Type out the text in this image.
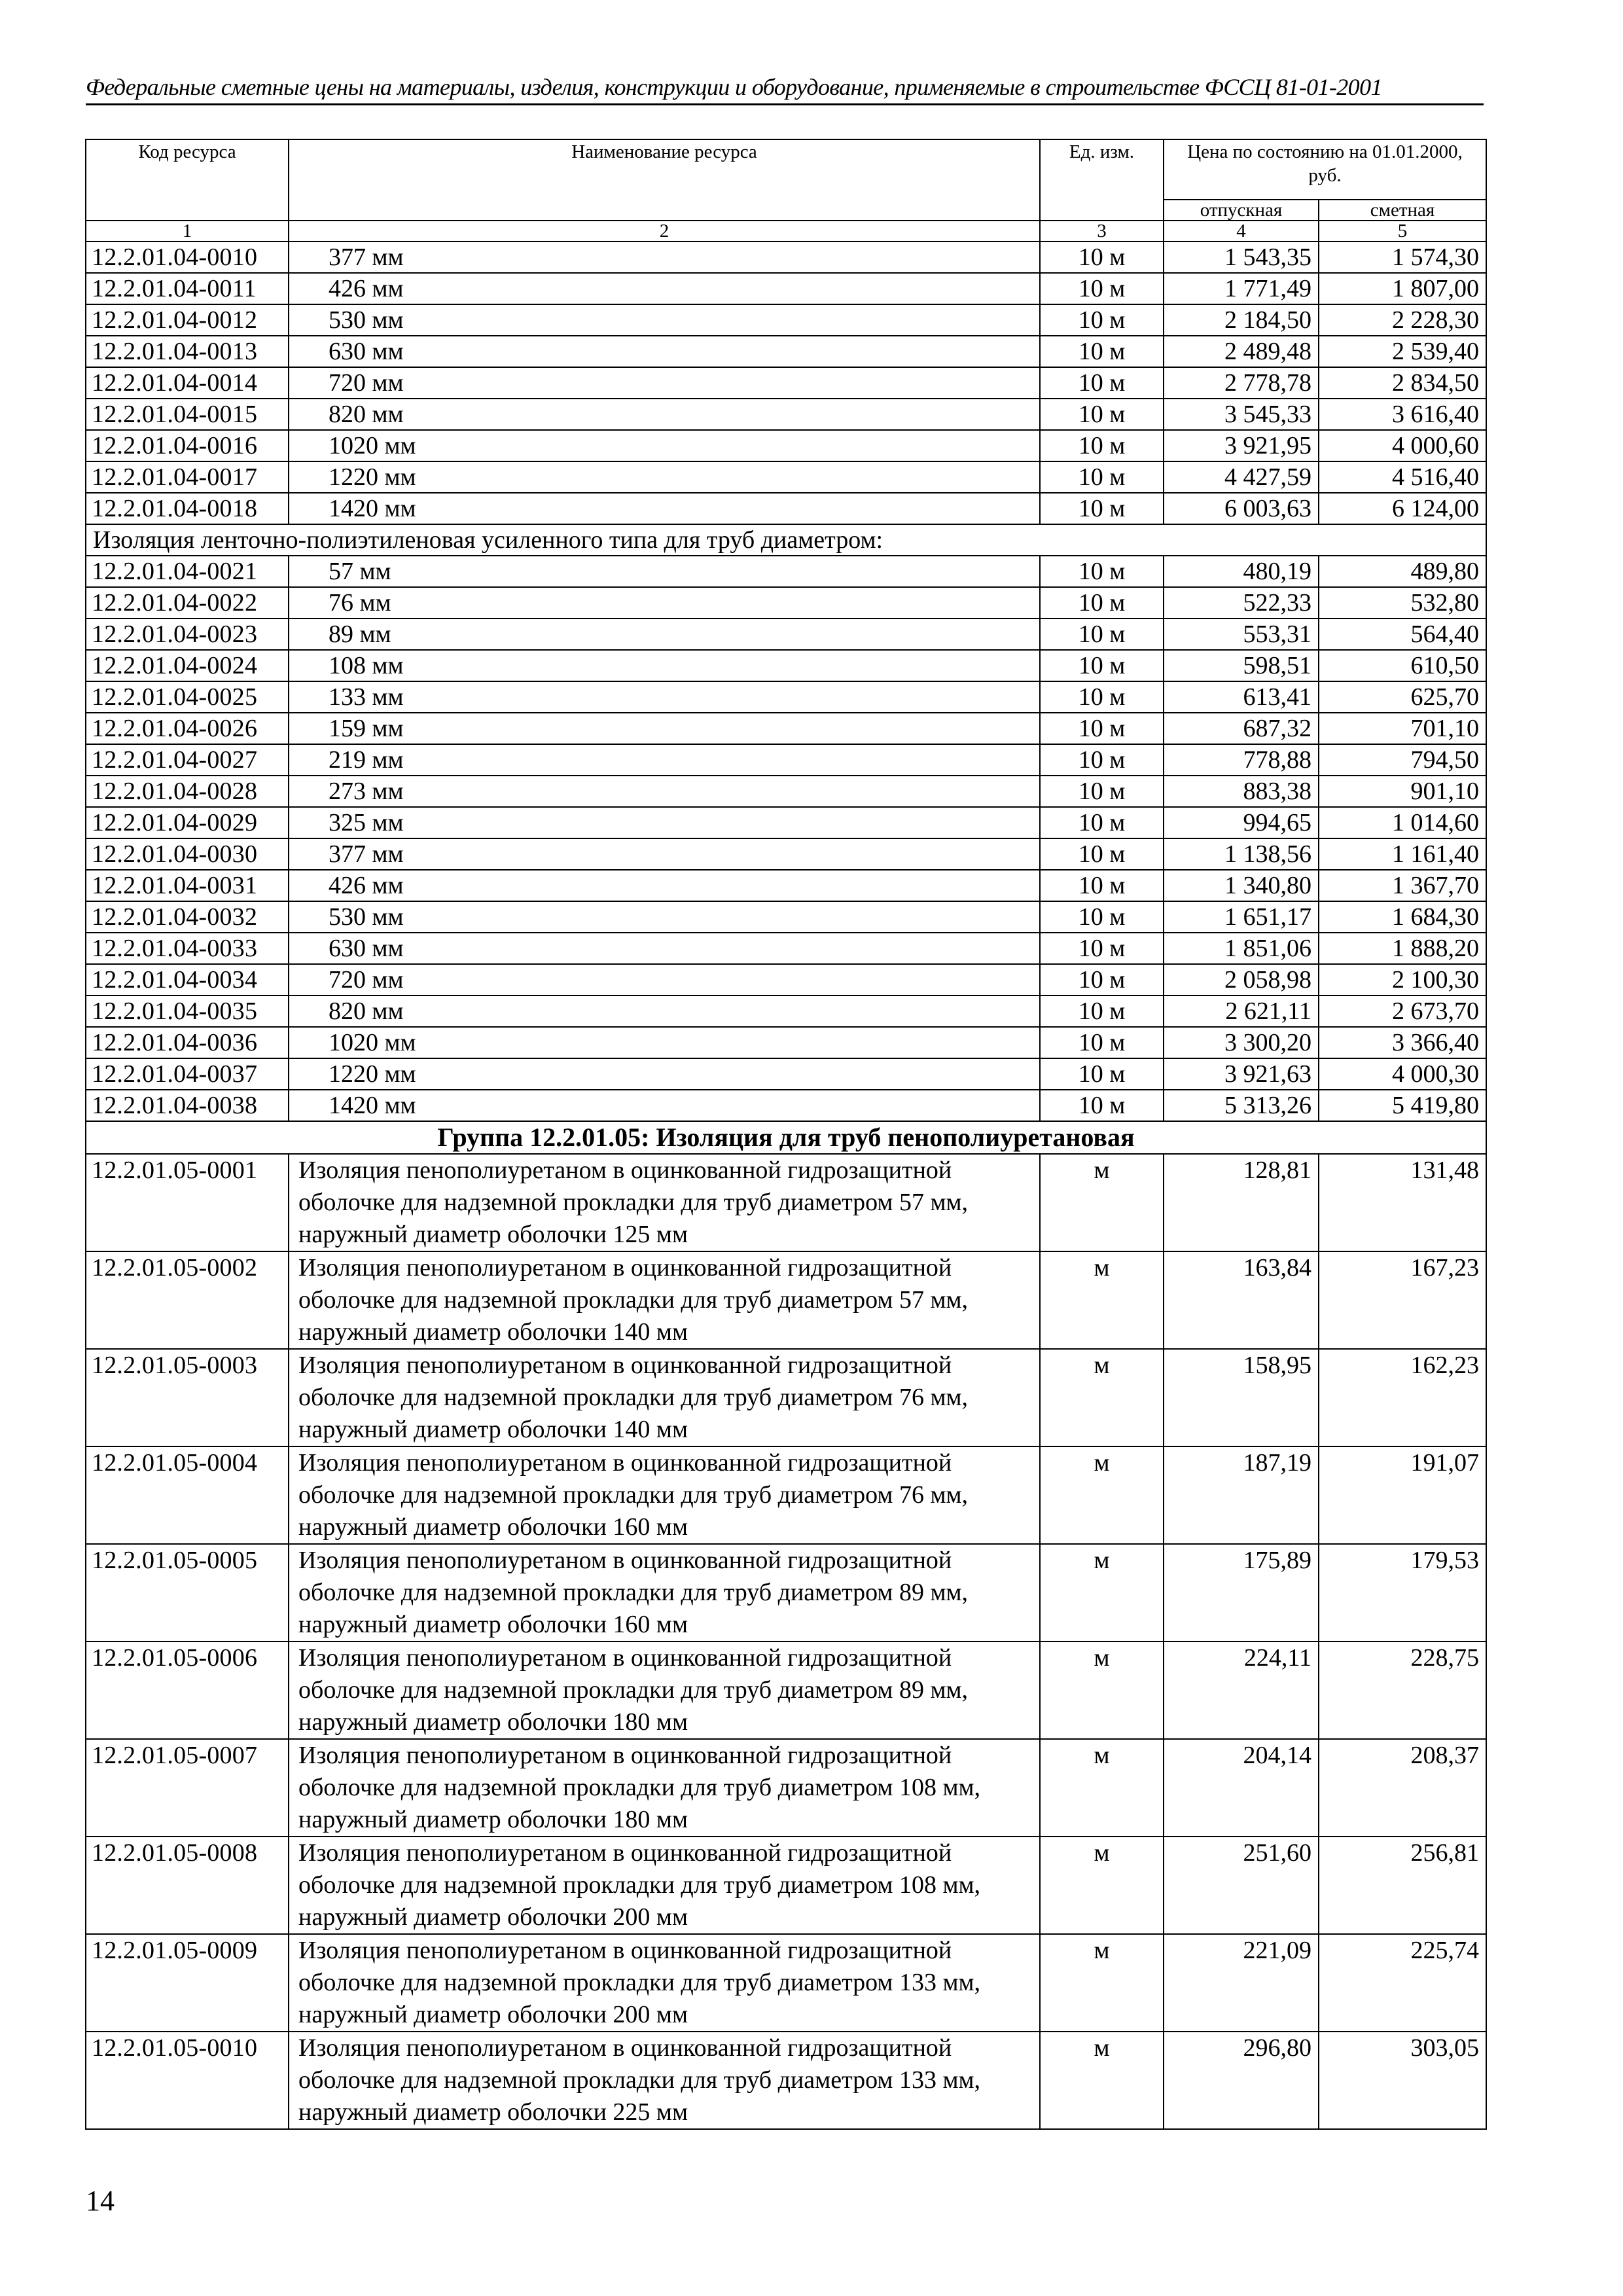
Федеральные сметные цены на материалы, изделия, конструкции и оборудование, применяемые в строительстве ФССЦ 81-01-2001
Код ресурса	Наименование ресурса	Ед. изм.	Цена по состоянию на 01.01.2000, руб.	
			отпускная	сметная
1	2	3	4	5
12.2.01.04-0010	377 мм	10 м	1 543,35	1 574,30
12.2.01.04-0011	426 мм	10 м	1 771,49	1 807,00
12.2.01.04-0012	530 мм	10 м	2 184,50	2 228,30
12.2.01.04-0013	630 мм	10 м	2 489,48	2 539,40
12.2.01.04-0014	720 мм	10 м	2 778,78	2 834,50
12.2.01.04-0015	820 мм	10 м	3 545,33	3 616,40
12.2.01.04-0016	1020 мм	10 м	3 921,95	4 000,60
12.2.01.04-0017	1220 мм	10 м	4 427,59	4 516,40
12.2.01.04-0018	1420 мм	10 м	6 003,63	6 124,00
Изоляция ленточно-полиэтиленовая усиленного типа для труб диаметром:				
12.2.01.04-0021	57 мм	10 м	480,19	489,80
12.2.01.04-0022	76 мм	10 м	522,33	532,80
12.2.01.04-0023	89 мм	10 м	553,31	564,40
12.2.01.04-0024	108 мм	10 м	598,51	610,50
12.2.01.04-0025	133 мм	10 м	613,41	625,70
12.2.01.04-0026	159 мм	10 м	687,32	701,10
12.2.01.04-0027	219 мм	10 м	778,88	794,50
12.2.01.04-0028	273 мм	10 м	883,38	901,10
12.2.01.04-0029	325 мм	10 м	994,65	1 014,60
12.2.01.04-0030	377 мм	10 м	1 138,56	1 161,40
12.2.01.04-0031	426 мм	10 м	1 340,80	1 367,70
12.2.01.04-0032	530 мм	10 м	1 651,17	1 684,30
12.2.01.04-0033	630 мм	10 м	1 851,06	1 888,20
12.2.01.04-0034	720 мм	10 м	2 058,98	2 100,30
12.2.01.04-0035	820 мм	10 м	2 621,11	2 673,70
12.2.01.04-0036	1020 мм	10 м	3 300,20	3 366,40
12.2.01.04-0037	1220 мм	10 м	3 921,63	4 000,30
12.2.01.04-0038	1420 мм	10 м	5 313,26	5 419,80
Группа 12.2.01.05: Изоляция для труб пенополиуретановая				
12.2.01.05-0001	Изоляция пенополиуретаном в оцинкованной гидрозащитной оболочке для надземной прокладки для труб диаметром 57 мм, наружный диаметр оболочки 125 мм	м	128,81	131,48
12.2.01.05-0002	Изоляция пенополиуретаном в оцинкованной гидрозащитной оболочке для надземной прокладки для труб диаметром 57 мм, наружный диаметр оболочки 140 мм	м	163,84	167,23
12.2.01.05-0003	Изоляция пенополиуретаном в оцинкованной гидрозащитной оболочке для надземной прокладки для труб диаметром 76 мм, наружный диаметр оболочки 140 мм	м	158,95	162,23
12.2.01.05-0004	Изоляция пенополиуретаном в оцинкованной гидрозащитной оболочке для надземной прокладки для труб диаметром 76 мм, наружный диаметр оболочки 160 мм	м	187,19	191,07
12.2.01.05-0005	Изоляция пенополиуретаном в оцинкованной гидрозащитной оболочке для надземной прокладки для труб диаметром 89 мм, наружный диаметр оболочки 160 мм	м	175,89	179,53
12.2.01.05-0006	Изоляция пенополиуретаном в оцинкованной гидрозащитной оболочке для надземной прокладки для труб диаметром 89 мм, наружный диаметр оболочки 180 мм	м	224,11	228,75
12.2.01.05-0007	Изоляция пенополиуретаном в оцинкованной гидрозащитной оболочке для надземной прокладки для труб диаметром 108 мм, наружный диаметр оболочки 180 мм	м	204,14	208,37
12.2.01.05-0008	Изоляция пенополиуретаном в оцинкованной гидрозащитной оболочке для надземной прокладки для труб диаметром 108 мм, наружный диаметр оболочки 200 мм	м	251,60	256,81
12.2.01.05-0009	Изоляция пенополиуретаном в оцинкованной гидрозащитной оболочке для надземной прокладки для труб диаметром 133 мм, наружный диаметр оболочки 200 мм	м	221,09	225,74
12.2.01.05-0010	Изоляция пенополиуретаном в оцинкованной гидрозащитной оболочке для надземной прокладки для труб диаметром 133 мм, наружный диаметр оболочки 225 мм	м	296,80	303,05
14
